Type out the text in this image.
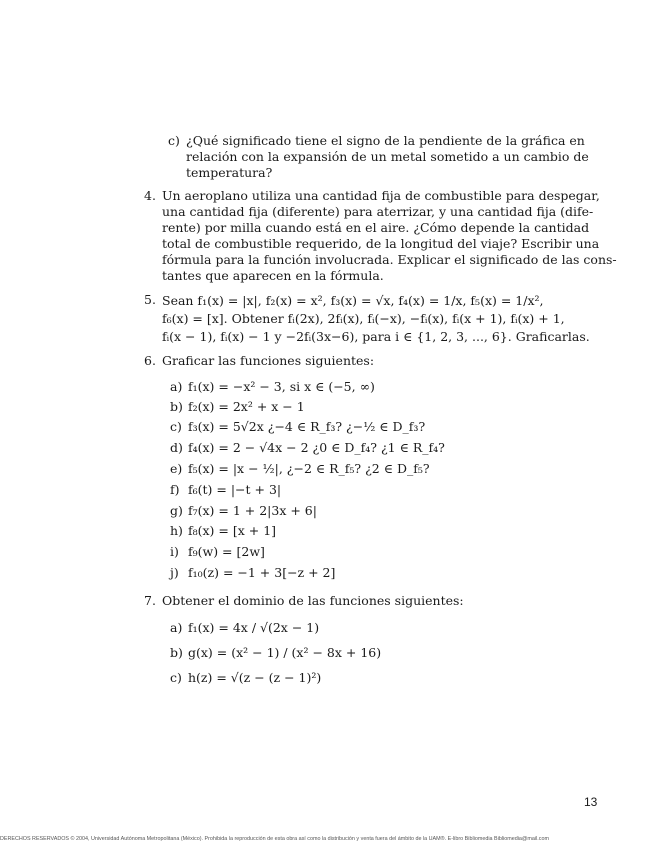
c) ¿Qué significado tiene el signo de la pendiente de la gráfica en
relación con la expansión de un metal sometido a un cambio de
temperatura?
4. Un aeroplano utiliza una cantidad fija de combustible para despegar,
una cantidad fija (diferente) para aterrizar, y una cantidad fija (dife-
rente) por milla cuando está en el aire. ¿Cómo depende la cantidad
total de combustible requerido, de la longitud del viaje? Escribir una
fórmula para la función involucrada. Explicar el significado de las cons-
tantes que aparecen en la fórmula.
5. Sean f₁(x) = |x|, f₂(x) = x², f₃(x) = √x, f₄(x) = 1/x, f₅(x) = 1/x²,
f₆(x) = [x]. Obtener fᵢ(2x), 2fᵢ(x), fᵢ(−x), −fᵢ(x), fᵢ(x + 1), fᵢ(x) + 1,
fᵢ(x − 1), fᵢ(x) − 1 y −2fᵢ(3x−6), para i ∈ {1, 2, 3, ..., 6}. Graficarlas.
6. Graficar las funciones siguientes:
a) f₁(x) = −x² − 3, si x ∈ (−5, ∞)
b) f₂(x) = 2x² + x − 1
c) f₃(x) = 5√2x ¿−4 ∈ R_f₃? ¿−½ ∈ D_f₃?
d) f₄(x) = 2 − √4x − 2 ¿0 ∈ D_f₄? ¿1 ∈ R_f₄?
e) f₅(x) = |x − ½|, ¿−2 ∈ R_f₅? ¿2 ∈ D_f₅?
f) f₆(t) = |−t + 3|
g) f₇(x) = 1 + 2|3x + 6|
h) f₈(x) = [x + 1]
i) f₉(w) = [2w]
j) f₁₀(z) = −1 + 3[−z + 2]
7. Obtener el dominio de las funciones siguientes:
a) f₁(x) = 4x / √(2x − 1)
b) g(x) = (x² − 1) / (x² − 8x + 16)
c) h(z) = √(z − (z − 1)²)
13
DERECHOS RESERVADOS © 2004, Universidad Autónoma Metropolitana (México). Prohibida la reproducción de esta obra así como la distribución y venta fuera del ámbito de la UAM®. E-libro Bibliomedia Bibliomedia@mail.com
